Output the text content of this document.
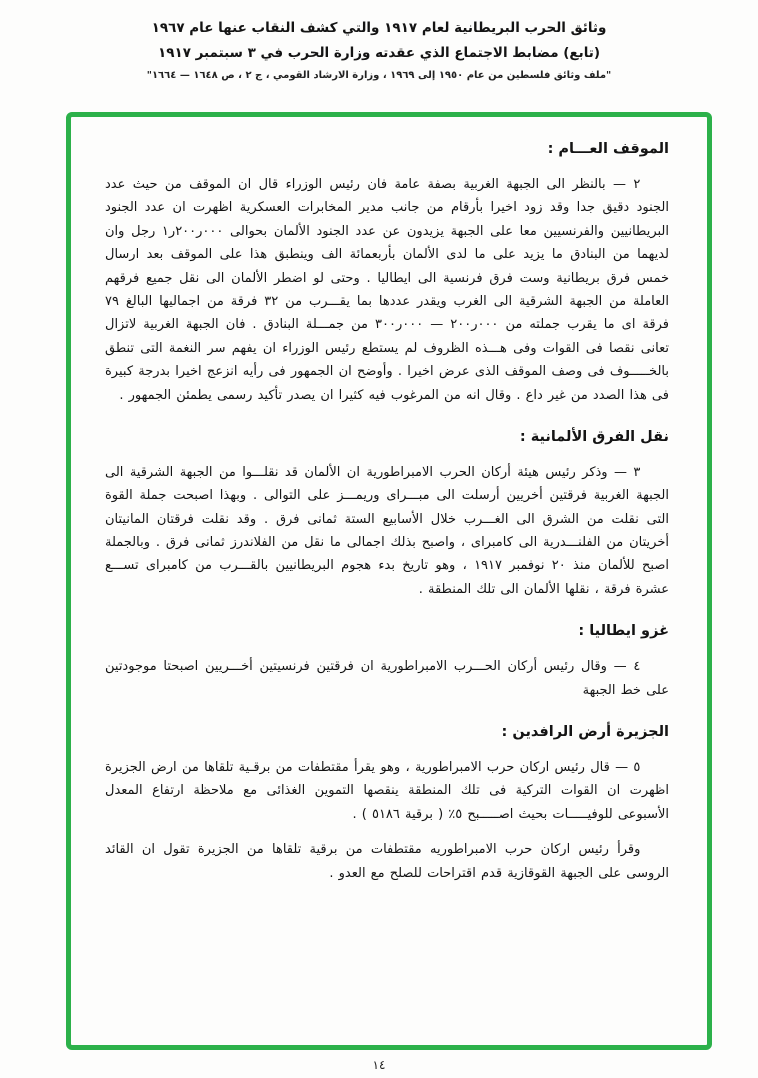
وثائق الحرب البريطانية لعام ١٩١٧ والتي كشف النقاب عنها عام ١٩٦٧
(تابع) مضابط الاجتماع الذي عقدته وزارة الحرب في ٣ سبتمبر ١٩١٧
"ملف وثائق فلسطين من عام ١٩٥٠ إلى ١٩٦٩ ، وزارة الارشاد القومي ، ج ٢ ، ص ١٦٤٨ — ١٦٦٤"
الموقف العـــام :

٢ — بالنظر الى الجبهة الغربية بصفة عامة فان رئيس الوزراء قال ان الموقف من حيث عدد الجنود دقيق جدا وقد زود اخيرا بأرقام من جانب مدير المخابرات العسكرية اظهرت ان عدد الجنود البريطانيين والفرنسيين معا على الجبهة يزيدون عن عدد الجنود الألمان بحوالى ٠٠٠ر٢٠٠ر١ رجل وان لديهما من البنادق ما يزيد على ما لدى الألمان بأربعمائة الف وينطبق هذا على الموقف بعد ارسال خمس فرق بريطانية وست فرق فرنسية الى ايطاليا . وحتى لو اضطر الألمان الى نقل جميع فرقهم العاملة من الجبهة الشرقية الى الغرب ويقدر عددها بما يقـــرب من ٣٢ فرقة من اجماليها البالغ ٧٩ فرقة اى ما يقرب جملته من ٠٠٠ر٢٠٠ — ٠٠٠ر٣٠٠ من جمـــلة البنادق . فان الجبهة الغربية لاتزال تعانى نقصا فى القوات وفى هـــذه الظروف لم يستطع رئيس الوزراء ان يفهم سر النغمة التى تنطق بالخـــــوف فى وصف الموقف الذى عرض اخيرا . وأوضح ان الجمهور فى رأيه انزعج اخيرا بدرجة كبيرة فى هذا الصدد من غير داع . وقال انه من المرغوب فيه كثيرا ان يصدر تأكيد رسمى يطمئن الجمهور .

نقل الفرق الألمانية :

٣ — وذكر رئيس هيئة أركان الحرب الامبراطورية ان الألمان قد نقلـــوا من الجبهة الشرقية الى الجبهة الغربية فرقتين أخريين أرسلت الى مبـــراى وريمـــز على التوالى . وبهذا اصبحت جملة القوة التى نقلت من الشرق الى الغـــرب خلال الأسابيع الستة ثمانى فرق . وقد نقلت فرقتان المانيتان أخريتان من الفلنـــدرية الى كامبراى ، واصبح بذلك اجمالى ما نقل من الفلاندرز ثمانى فرق . وبالجملة اصبح للألمان منذ ٢٠ نوفمبر ١٩١٧ ، وهو تاريخ بدء هجوم البريطانيين بالقـــرب من كامبراى تســـع عشرة فرقة ، نقلها الألمان الى تلك المنطقة .

غزو ايطاليا :

٤ — وقال رئيس أركان الحـــرب الامبراطورية ان فرقتين فرنسيتين أخـــريين اصبحتا موجودتين على خط الجبهة

الجزيرة أرض الرافدين :

٥ — قال رئيس اركان حرب الامبراطورية ، وهو يقرأ مقتطفات من برقـية تلقاها من ارض الجزيرة اظهرت ان القوات التركية فى تلك المنطقة ينقصها التموين الغذائى مع ملاحظة ارتفاع المعدل الأسبوعى للوفيـــــات بحيث اصـــــبح ٥٪ ( برقية ٥١٨٦ ) .

وقرأ رئيس اركان حرب الامبراطوريه مقتطفات من برقية تلقاها من الجزيرة تقول ان القائد الروسى على الجبهة القوقازية قدم اقتراحات للصلح مع العدو .

١٤
